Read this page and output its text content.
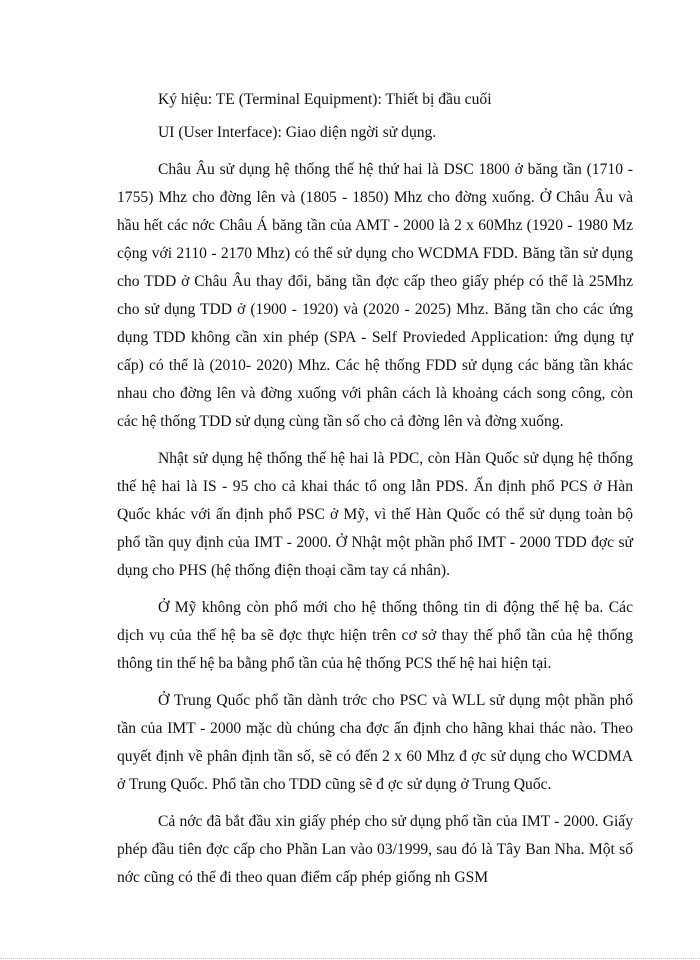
Ký hiệu: TE (Terminal Equipment): Thiết bị đầu cuối

UI (User Interface): Giao diện ngời sử dụng.

Châu Âu sử dụng hệ thống thế hệ thứ hai là DSC 1800 ở băng tần (1710 - 1755) Mhz cho đờng lên và (1805 - 1850) Mhz cho đờng xuống. Ở Châu Âu và hầu hết các nớc Châu Á băng tần của AMT - 2000 là 2 x 60Mhz (1920 - 1980 Mz cộng với 2110 - 2170 Mhz) có thể sử dụng cho WCDMA FDD. Băng tần sử dụng cho TDD ở Châu Âu thay đổi, băng tần đợc cấp theo giấy phép có thể là 25Mhz cho sử dụng TDD ở (1900 - 1920) và (2020 - 2025) Mhz. Băng tần cho các ứng dụng TDD không cần xin phép (SPA - Self Provieded Application: ứng dụng tự cấp) có thể là (2010- 2020) Mhz. Các hệ thống FDD sử dụng các băng tần khác nhau cho đờng lên và đờng xuống với phân cách là khoảng cách song công, còn các hệ thống TDD sử dụng cùng tần số cho cả đờng lên và đờng xuống.

Nhật sử dụng hệ thống thế hệ hai là PDC, còn Hàn Quốc sử dụng hệ thống thế hệ hai là IS - 95 cho cả khai thác tổ ong lẫn PDS. Ấn định phổ PCS ở Hàn Quốc khác với ấn định phổ PSC ở Mỹ, vì thế Hàn Quốc có thể sử dụng toàn bộ phổ tần quy định của IMT - 2000. Ở Nhật một phần phổ IMT - 2000 TDD đợc sử dụng cho PHS (hệ thống điện thoại cầm tay cá nhân).

Ở Mỹ không còn phổ mới cho hệ thống thông tin di động thế hệ ba. Các dịch vụ của thế hệ ba sẽ đợc thực hiện trên cơ sở thay thế phổ tần của hệ thống thông tin thế hệ ba bằng phổ tần của hệ thống PCS thế hệ hai hiện tại.

Ở Trung Quốc phổ tần dành trớc cho PSC và WLL sử dụng một phần phổ tần của IMT - 2000 mặc dù chúng cha đợc ấn định cho hãng khai thác nào. Theo quyết định về phân định tần số, sẽ có đến 2 x 60 Mhz đ ợc sử dụng cho WCDMA ở Trung Quốc. Phổ tần cho TDD cũng sẽ đ ợc sử dụng ở Trung Quốc.

Cả nớc đã bắt đầu xin giấy phép cho sử dụng phổ tần của IMT - 2000. Giấy phép đầu tiên đợc cấp cho Phần Lan vào 03/1999, sau đó là Tây Ban Nha. Một số nớc cũng có thể đi theo quan điểm cấp phép giống nh GSM
